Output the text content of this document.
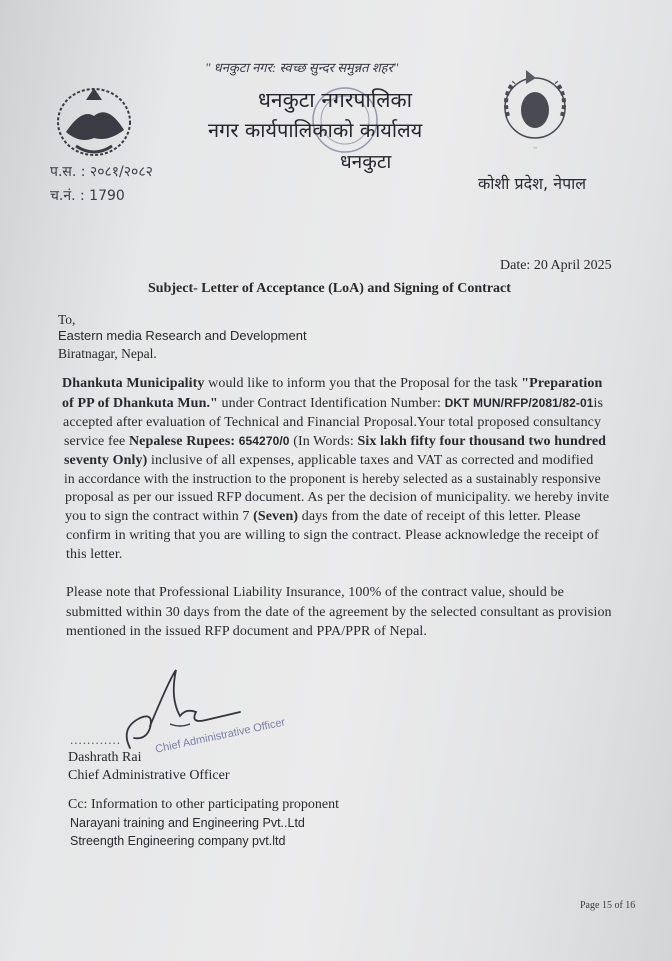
~
" धनकुटा नगर: स्वच्छ सुन्दर समुन्नत शहर"
धनकुटा नगरपालिका
नगर कार्यपालिकाको कार्यालय
धनकुटा
प.स. : २०८१/२०८२
च.नं. : 1790
कोशी प्रदेश, नेपाल
Date: 20 April 2025
Subject- Letter of Acceptance (LoA) and Signing of Contract
To,
Eastern media Research and Development
Biratnagar, Nepal.
Dhankuta Municipality would like to inform you that the Proposal for the task "Preparation
of PP of Dhankuta Mun." under Contract Identification Number: DKT MUN/RFP/2081/82-01is
accepted after evaluation of Technical and Financial Proposal.Your total proposed consultancy
service fee Nepalese Rupees: 654270/0 (In Words: Six lakh fifty four thousand two hundred
seventy Only) inclusive of all expenses, applicable taxes and VAT as corrected and modified
in accordance with the instruction to the proponent is hereby selected as a sustainably responsive
proposal as per our issued RFP document. As per the decision of municipality. we hereby invite
you to sign the contract within 7 (Seven) days from the date of receipt of this letter. Please
confirm in writing that you are willing to sign the contract. Please acknowledge the receipt of
this letter.
Please note that Professional Liability Insurance, 100% of the contract value, should be
submitted within 30 days from the date of the agreement by the selected consultant as provision
mentioned in the issued RFP document and PPA/PPR of Nepal.
............	Chief Administrative Officer
Dashrath Rai
Chief Administrative Officer
Cc: Information to other participating proponent
Narayani training and Engineering Pvt..Ltd
Streength Engineering company pvt.ltd
Page 15 of 16
